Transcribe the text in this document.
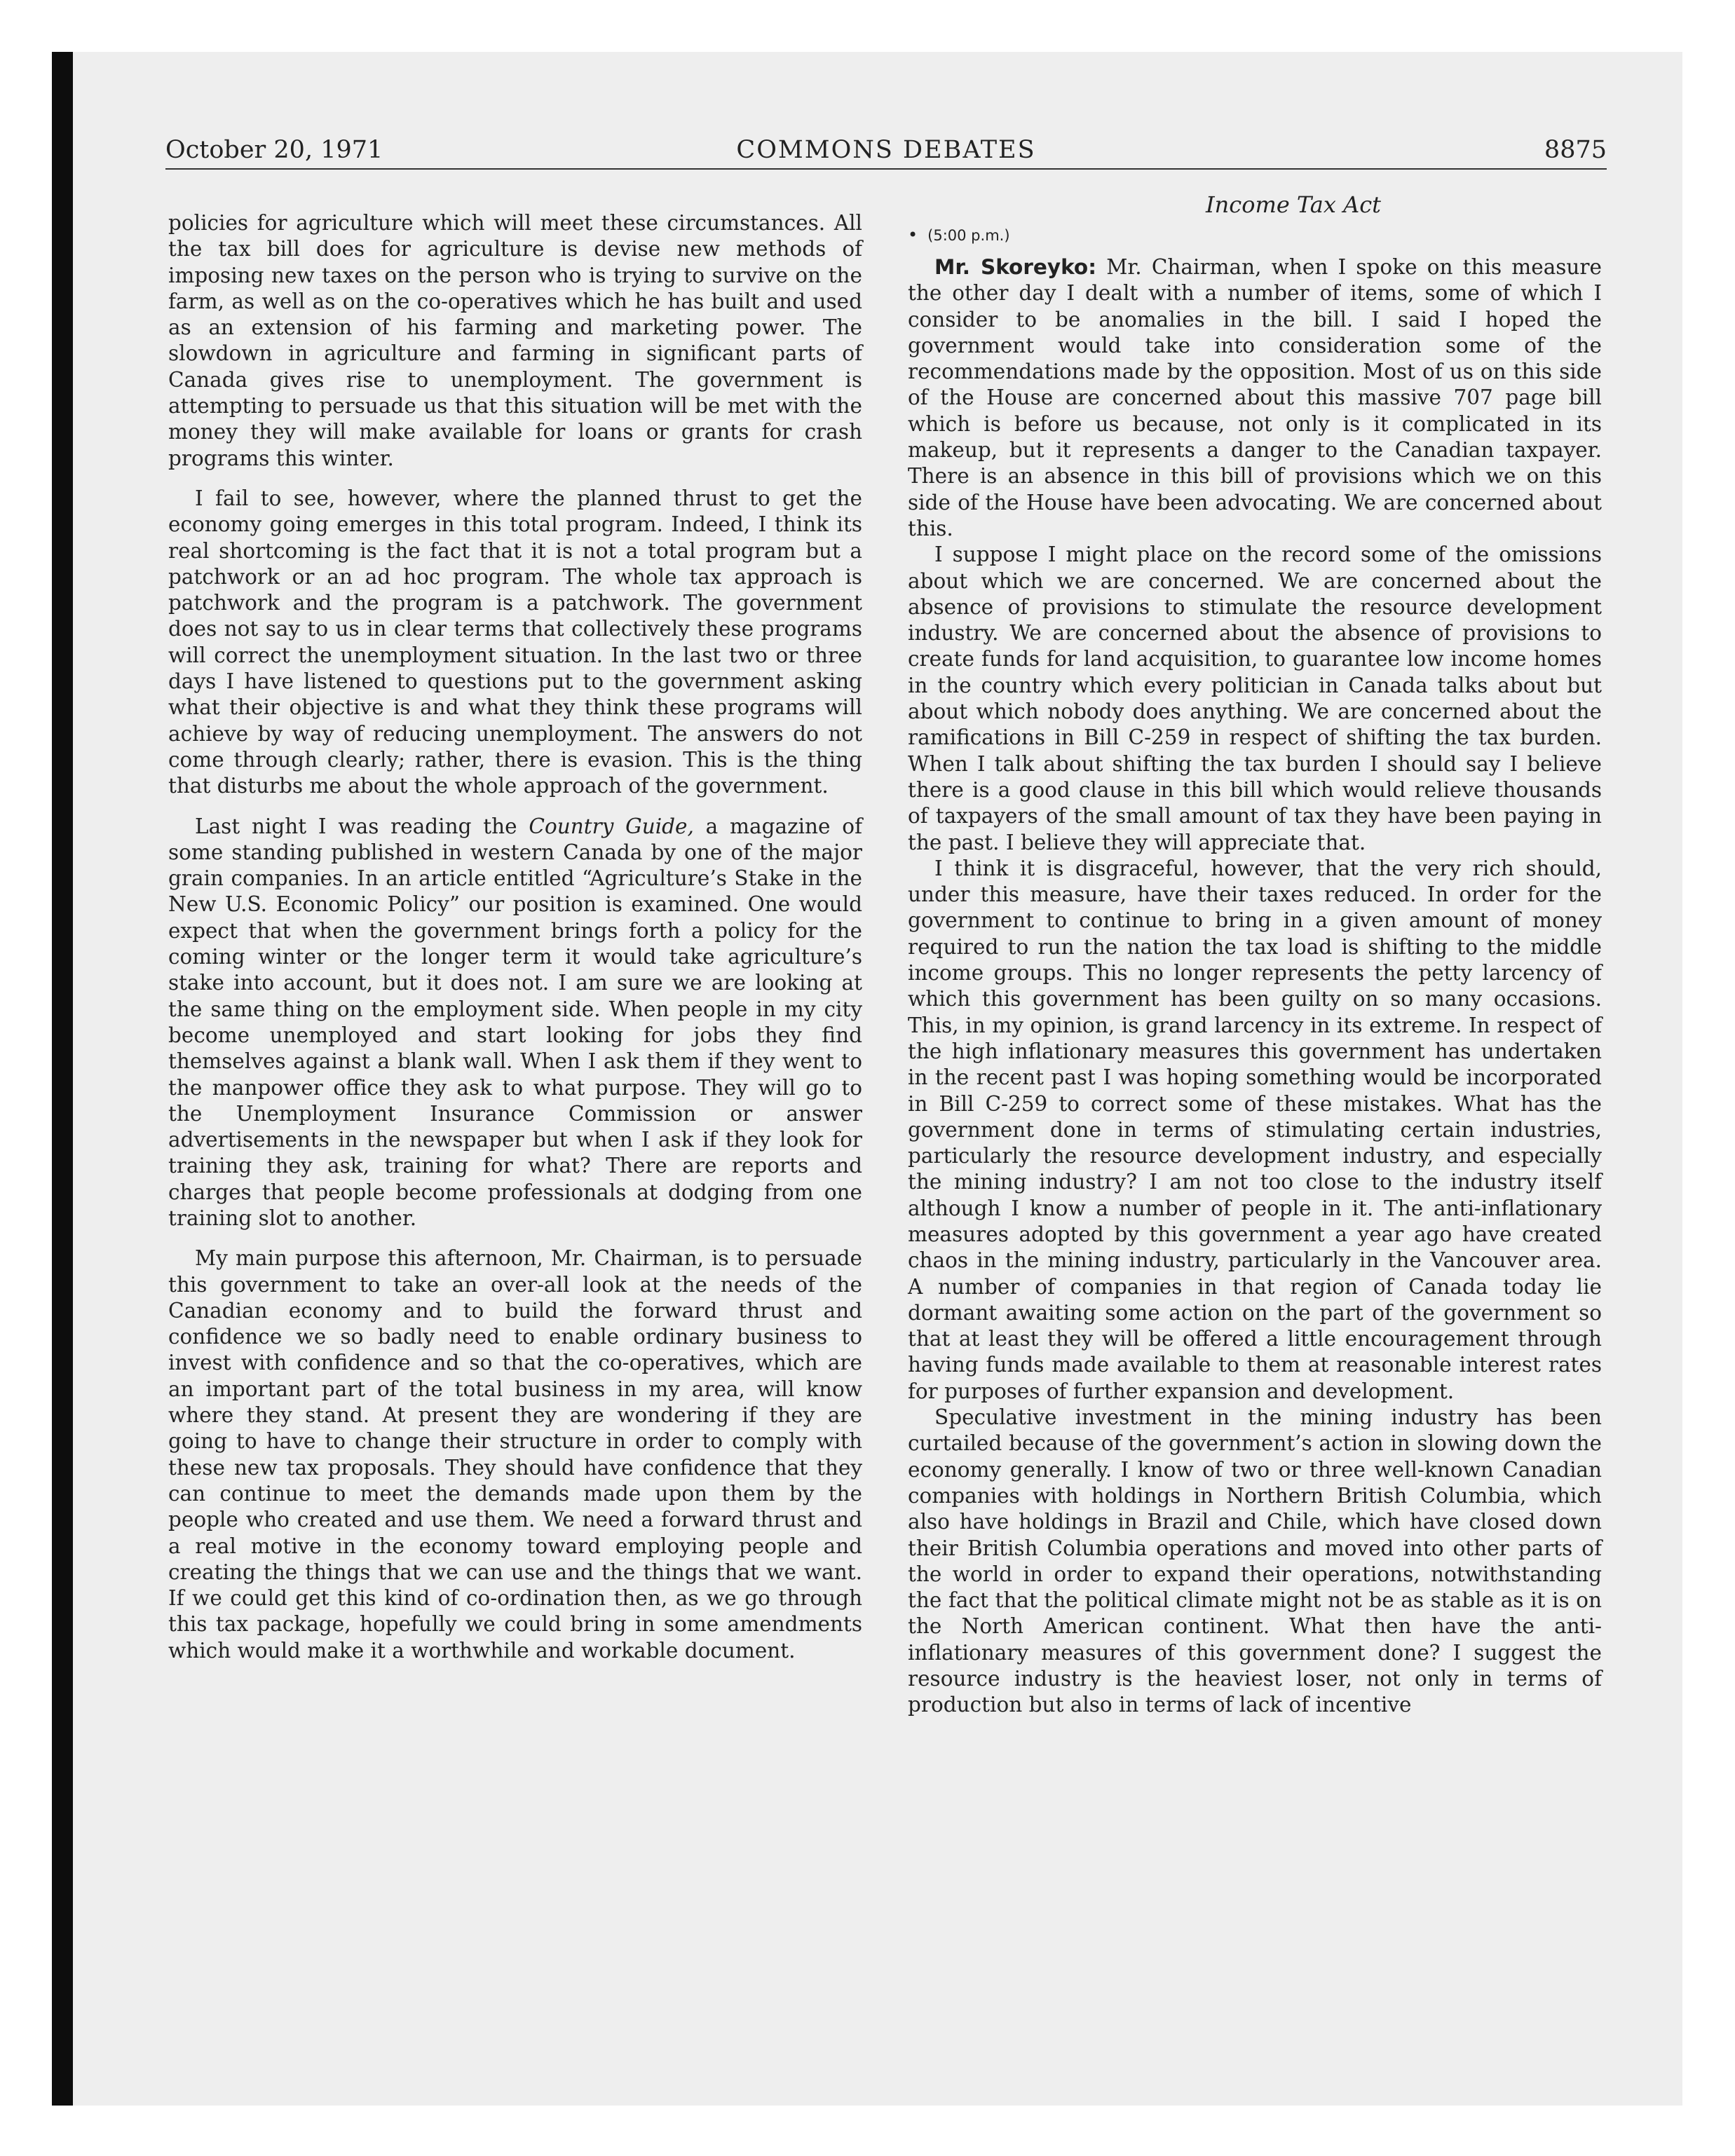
October 20, 1971	COMMONS DEBATES	8875

policies for agriculture which will meet these circumstances. All the tax bill does for agriculture is devise new methods of imposing new taxes on the person who is trying to survive on the farm, as well as on the co-operatives which he has built and used as an extension of his farming and marketing power. The slowdown in agriculture and farming in significant parts of Canada gives rise to unemployment. The government is attempting to persuade us that this situation will be met with the money they will make available for loans or grants for crash programs this winter.

I fail to see, however, where the planned thrust to get the economy going emerges in this total program. Indeed, I think its real shortcoming is the fact that it is not a total program but a patchwork or an ad hoc program. The whole tax approach is patchwork and the program is a patchwork. The government does not say to us in clear terms that collectively these programs will correct the unemployment situation. In the last two or three days I have listened to questions put to the government asking what their objective is and what they think these programs will achieve by way of reducing unemployment. The answers do not come through clearly; rather, there is evasion. This is the thing that disturbs me about the whole approach of the government.

Last night I was reading the Country Guide, a magazine of some standing published in western Canada by one of the major grain companies. In an article entitled “Agriculture’s Stake in the New U.S. Economic Policy” our position is examined. One would expect that when the government brings forth a policy for the coming winter or the longer term it would take agriculture’s stake into account, but it does not. I am sure we are looking at the same thing on the employment side. When people in my city become unemployed and start looking for jobs they find themselves against a blank wall. When I ask them if they went to the manpower office they ask to what purpose. They will go to the Unemployment Insurance Commission or answer advertisements in the newspaper but when I ask if they look for training they ask, training for what? There are reports and charges that people become professionals at dodging from one training slot to another.

My main purpose this afternoon, Mr. Chairman, is to persuade this government to take an over-all look at the needs of the Canadian economy and to build the forward thrust and confidence we so badly need to enable ordinary business to invest with confidence and so that the co-operatives, which are an important part of the total business in my area, will know where they stand. At present they are wondering if they are going to have to change their structure in order to comply with these new tax proposals. They should have confidence that they can continue to meet the demands made upon them by the people who created and use them. We need a forward thrust and a real motive in the economy toward employing people and creating the things that we can use and the things that we want. If we could get this kind of co-ordination then, as we go through this tax package, hopefully we could bring in some amendments which would make it a worthwhile and workable document.

Income Tax Act
• (5:00 p.m.)

Mr. Skoreyko: Mr. Chairman, when I spoke on this measure the other day I dealt with a number of items, some of which I consider to be anomalies in the bill. I said I hoped the government would take into consideration some of the recommendations made by the opposition. Most of us on this side of the House are concerned about this massive 707 page bill which is before us because, not only is it complicated in its makeup, but it represents a danger to the Canadian taxpayer. There is an absence in this bill of provisions which we on this side of the House have been advocating. We are concerned about this.

I suppose I might place on the record some of the omissions about which we are concerned. We are concerned about the absence of provisions to stimulate the resource development industry. We are concerned about the absence of provisions to create funds for land acquisition, to guarantee low income homes in the country which every politician in Canada talks about but about which nobody does anything. We are concerned about the ramifications in Bill C-259 in respect of shifting the tax burden. When I talk about shifting the tax burden I should say I believe there is a good clause in this bill which would relieve thousands of taxpayers of the small amount of tax they have been paying in the past. I believe they will appreciate that.

I think it is disgraceful, however, that the very rich should, under this measure, have their taxes reduced. In order for the government to continue to bring in a given amount of money required to run the nation the tax load is shifting to the middle income groups. This no longer represents the petty larcency of which this government has been guilty on so many occasions. This, in my opinion, is grand larcency in its extreme. In respect of the high inflationary measures this government has undertaken in the recent past I was hoping something would be incorporated in Bill C-259 to correct some of these mistakes. What has the government done in terms of stimulating certain industries, particularly the resource development industry, and especially the mining industry? I am not too close to the industry itself although I know a number of people in it. The anti-inflationary measures adopted by this government a year ago have created chaos in the mining industry, particularly in the Vancouver area. A number of companies in that region of Canada today lie dormant awaiting some action on the part of the government so that at least they will be offered a little encouragement through having funds made available to them at reasonable interest rates for purposes of further expansion and development.

Speculative investment in the mining industry has been curtailed because of the government’s action in slowing down the economy generally. I know of two or three well-known Canadian companies with holdings in Northern British Columbia, which also have holdings in Brazil and Chile, which have closed down their British Columbia operations and moved into other parts of the world in order to expand their operations, notwithstanding the fact that the political climate might not be as stable as it is on the North American continent. What then have the anti-inflationary measures of this government done? I suggest the resource industry is the heaviest loser, not only in terms of production but also in terms of lack of incentive
